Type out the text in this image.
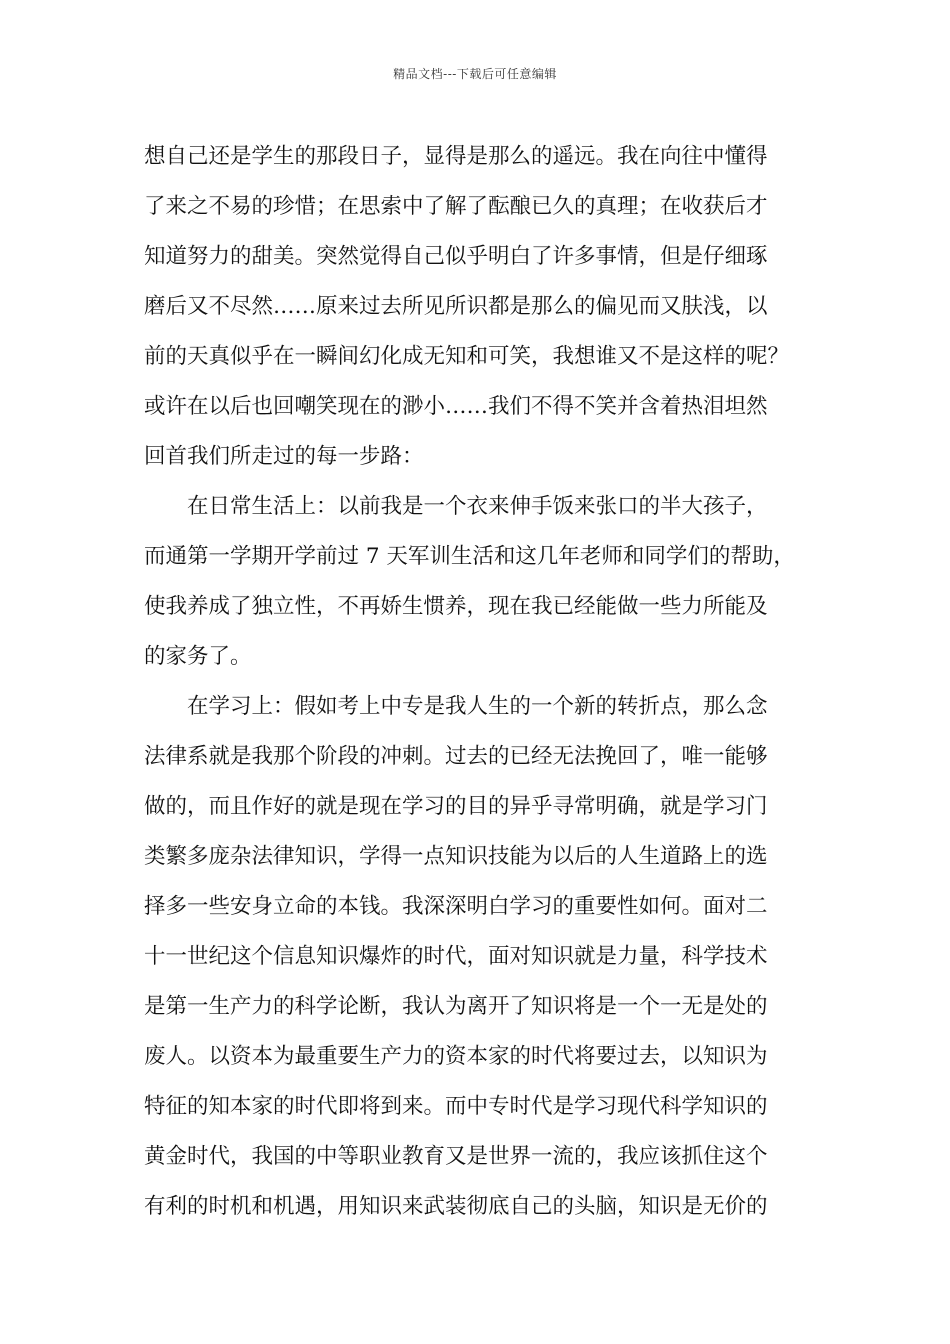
精品文档---下载后可任意编辑
想自己还是学生的那段日子，显得是那么的遥远。我在向往中懂得
了来之不易的珍惜；在思索中了解了酝酿已久的真理；在收获后才
知道努力的甜美。突然觉得自己似乎明白了许多事情，但是仔细琢
磨后又不尽然……原来过去所见所识都是那么的偏见而又肤浅，以
前的天真似乎在一瞬间幻化成无知和可笑，我想谁又不是这样的呢？
或许在以后也回嘲笑现在的渺小……我们不得不笑并含着热泪坦然
回首我们所走过的每一步路：
在日常生活上：以前我是一个衣来伸手饭来张口的半大孩子，
而通第一学期开学前过 7 天军训生活和这几年老师和同学们的帮助，
使我养成了独立性，不再娇生惯养，现在我已经能做一些力所能及
的家务了。
在学习上：假如考上中专是我人生的一个新的转折点，那么念
法律系就是我那个阶段的冲刺。过去的已经无法挽回了，唯一能够
做的，而且作好的就是现在学习的目的异乎寻常明确，就是学习门
类繁多庞杂法律知识，学得一点知识技能为以后的人生道路上的选
择多一些安身立命的本钱。我深深明白学习的重要性如何。面对二
十一世纪这个信息知识爆炸的时代，面对知识就是力量，科学技术
是第一生产力的科学论断，我认为离开了知识将是一个一无是处的
废人。以资本为最重要生产力的资本家的时代将要过去，以知识为
特征的知本家的时代即将到来。而中专时代是学习现代科学知识的
黄金时代，我国的中等职业教育又是世界一流的，我应该抓住这个
有利的时机和机遇，用知识来武装彻底自己的头脑，知识是无价的
